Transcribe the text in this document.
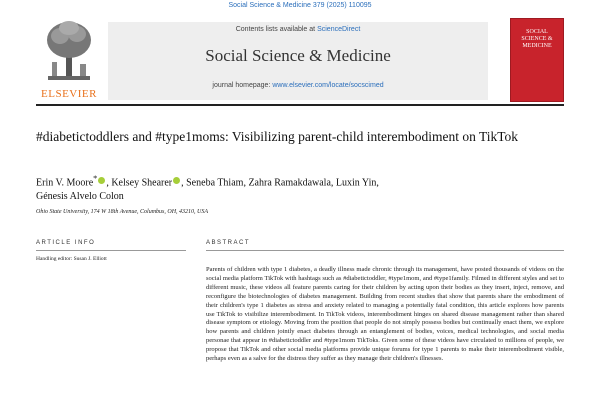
Social Science & Medicine 379 (2025) 110095
ELSEVIER
Contents lists available at ScienceDirect
Social Science & Medicine
journal homepage: www.elsevier.com/locate/socscimed
SOCIAL SCIENCE & MEDICINE
#diabetictoddlers and #type1moms: Visibilizing parent-child interembodiment on TikTok
Erin V. Moore* , Kelsey Shearer , Seneba Thiam, Zahra Ramakdawala, Luxin Yin,
Génesis Alvelo Colon
Ohio State University, 174 W 18th Avenue, Columbus, OH, 43210, USA
ARTICLE INFO
Handling editor: Susan J. Elliott
ABSTRACT
Parents of children with type 1 diabetes, a deadly illness made chronic through its management, have posted thousands of videos on the social media platform TikTok with hashtags such as #diabetictoddler, #type1mom, and #type1family. Filmed in different styles and set to different music, these videos all feature parents caring for their children by acting upon their bodies as they insert, inject, remove, and reconfigure the biotechnologies of diabetes management. Building from recent studies that show that parents share the embodiment of their children's type 1 diabetes as stress and anxiety related to managing a potentially fatal condition, this article explores how parents use TikTok to visibilize interembodiment. In TikTok videos, interembodiment hinges on shared disease management rather than shared disease symptom or etiology. Moving from the position that people do not simply possess bodies but continually enact them, we explore how parents and children jointly enact diabetes through an entanglement of bodies, voices, medical technologies, and social media personae that appear in #diabetictoddler and #type1mom TikToks. Given some of these videos have circulated to millions of people, we propose that TikTok and other social media platforms provide unique forums for type 1 parents to make their interembodiment visible, perhaps even as a salve for the distress they suffer as they manage their children's illnesses.
